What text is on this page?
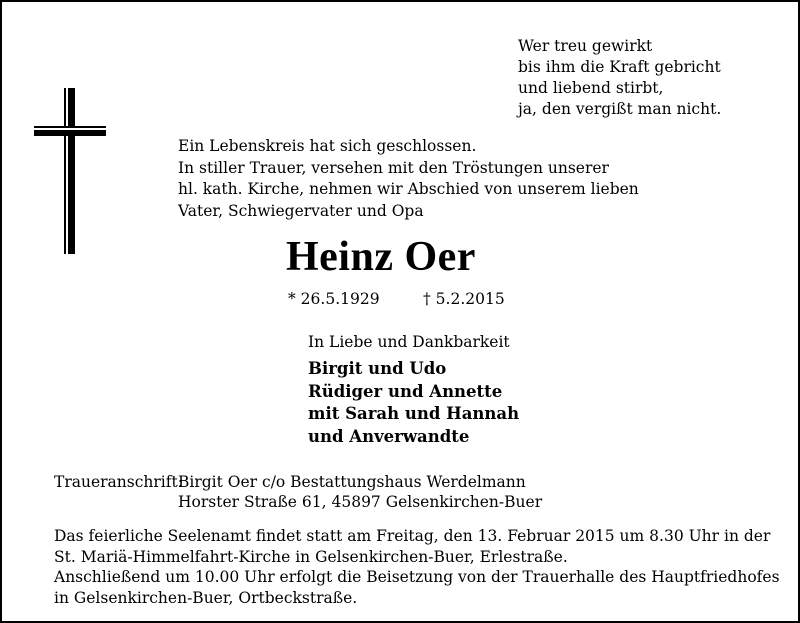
Wer treu gewirkt
bis ihm die Kraft gebricht
und liebend stirbt,
ja, den vergißt man nicht.
Ein Lebenskreis hat sich geschlossen.
In stiller Trauer, versehen mit den Tröstungen unserer
hl. kath. Kirche, nehmen wir Abschied von unserem lieben
Vater, Schwiegervater und Opa
Heinz Oer
* 26.5.1929	† 5.2.2015
In Liebe und Dankbarkeit
Birgit und Udo
Rüdiger und Annette
mit Sarah und Hannah
und Anverwandte
Traueranschrift:
Birgit Oer c/o Bestattungshaus Werdelmann
Horster Straße 61, 45897 Gelsenkirchen-Buer
Das feierliche Seelenamt findet statt am Freitag, den 13. Februar 2015 um 8.30 Uhr in der
St. Mariä-Himmelfahrt-Kirche in Gelsenkirchen-Buer, Erlestraße.
Anschließend um 10.00 Uhr erfolgt die Beisetzung von der Trauerhalle des Hauptfriedhofes
in Gelsenkirchen-Buer, Ortbeckstraße.
